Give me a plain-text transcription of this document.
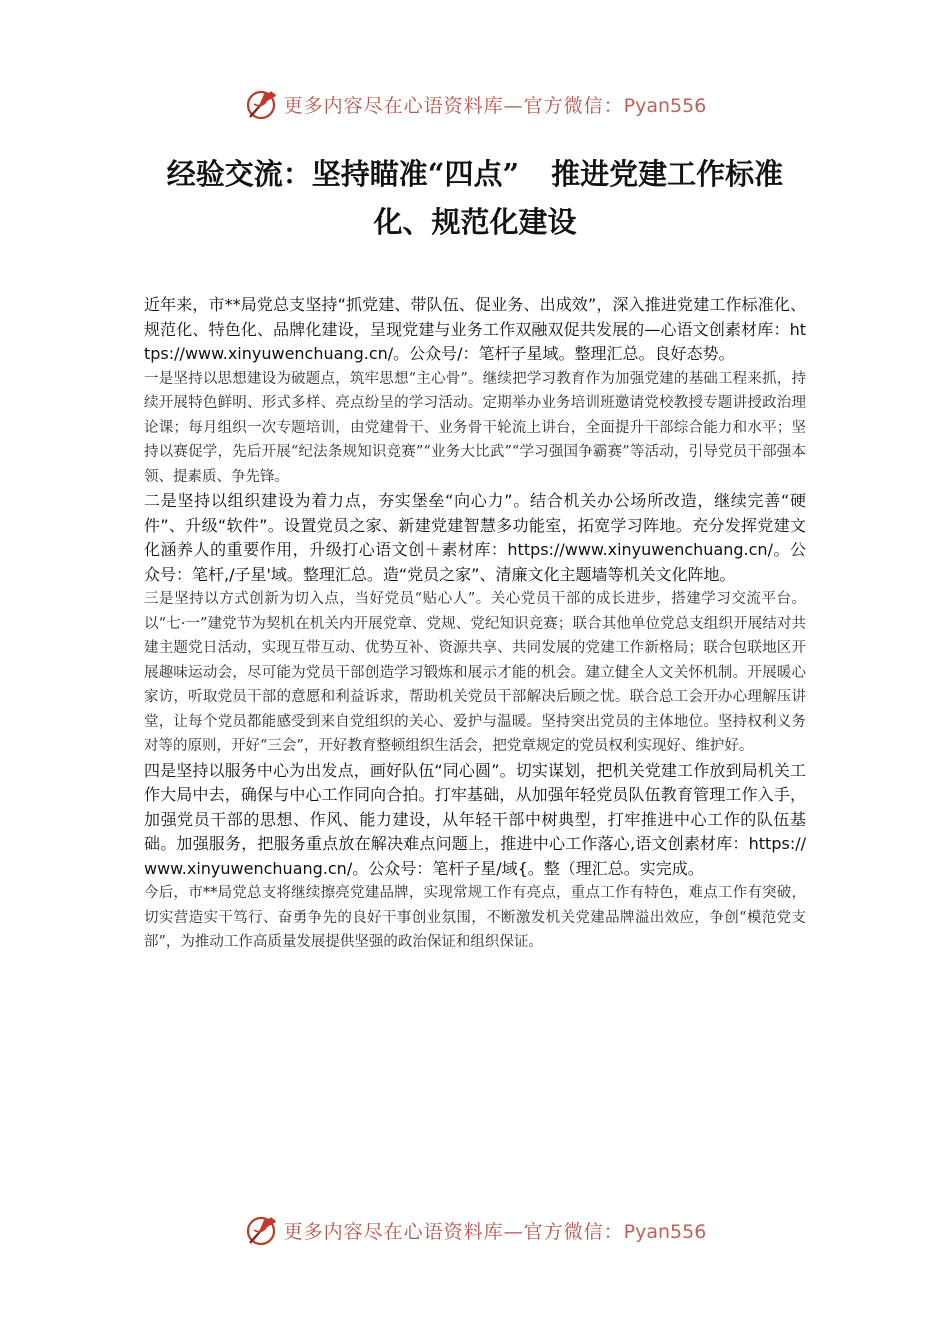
更多内容尽在心语资料库—官方微信：Pyan556
经验交流：坚持瞄准“四点” 推进党建工作标准
化、规范化建设

近年来，市**局党总支坚持“抓党建、带队伍、促业务、出成效”，深入推进党建工作标准化、规范化、特色化、品牌化建设，呈现党建与业务工作双融双促共发展的—心语文创素材库：https://www.xinyuwenchuang.cn/。公众号/：笔杆子星域。整理汇总。良好态势。

一是坚持以思想建设为破题点，筑牢思想“主心骨”。继续把学习教育作为加强党建的基础工程来抓，持续开展特色鲜明、形式多样、亮点纷呈的学习活动。定期举办业务培训班邀请党校教授专题讲授政治理论课；每月组织一次专题培训，由党建骨干、业务骨干轮流上讲台，全面提升干部综合能力和水平；坚持以赛促学，先后开展“纪法条规知识竞赛”“业务大比武”“学习强国争霸赛”等活动，引导党员干部强本领、提素质、争先锋。

二是坚持以组织建设为着力点，夯实堡垒“向心力”。结合机关办公场所改造，继续完善“硬件”、升级“软件”。设置党员之家、新建党建智慧多功能室，拓宽学习阵地。充分发挥党建文化涵养人的重要作用，升级打心语文创＋素材库：https://www.xinyuwenchuang.cn/。公众号：笔杆,/子星'域。整理汇总。造“党员之家”、清廉文化主题墙等机关文化阵地。

三是坚持以方式创新为切入点，当好党员“贴心人”。关心党员干部的成长进步，搭建学习交流平台。以“七·一”建党节为契机在机关内开展党章、党规、党纪知识竞赛；联合其他单位党总支组织开展结对共建主题党日活动，实现互带互动、优势互补、资源共享、共同发展的党建工作新格局；联合包联地区开展趣味运动会，尽可能为党员干部创造学习锻炼和展示才能的机会。建立健全人文关怀机制。开展暖心家访，听取党员干部的意愿和利益诉求，帮助机关党员干部解决后顾之忧。联合总工会开办心理解压讲堂，让每个党员都能感受到来自党组织的关心、爱护与温暖。坚持突出党员的主体地位。坚持权利义务对等的原则，开好“三会”，开好教育整顿组织生活会，把党章规定的党员权利实现好、维护好。

四是坚持以服务中心为出发点，画好队伍“同心圆”。切实谋划，把机关党建工作放到局机关工作大局中去，确保与中心工作同向合拍。打牢基础，从加强年轻党员队伍教育管理工作入手，加强党员干部的思想、作风、能力建设，从年轻干部中树典型，打牢推进中心工作的队伍基础。加强服务，把服务重点放在解决难点问题上，推进中心工作落心,语文创素材库：https://www.xinyuwenchuang.cn/。公众号：笔杆子星/域{。整（理汇总。实完成。

今后，市**局党总支将继续擦亮党建品牌，实现常规工作有亮点，重点工作有特色，难点工作有突破，切实营造实干笃行、奋勇争先的良好干事创业氛围，不断激发机关党建品牌溢出效应，争创“模范党支部”，为推动工作高质量发展提供坚强的政治保证和组织保证。

更多内容尽在心语资料库—官方微信：Pyan556
